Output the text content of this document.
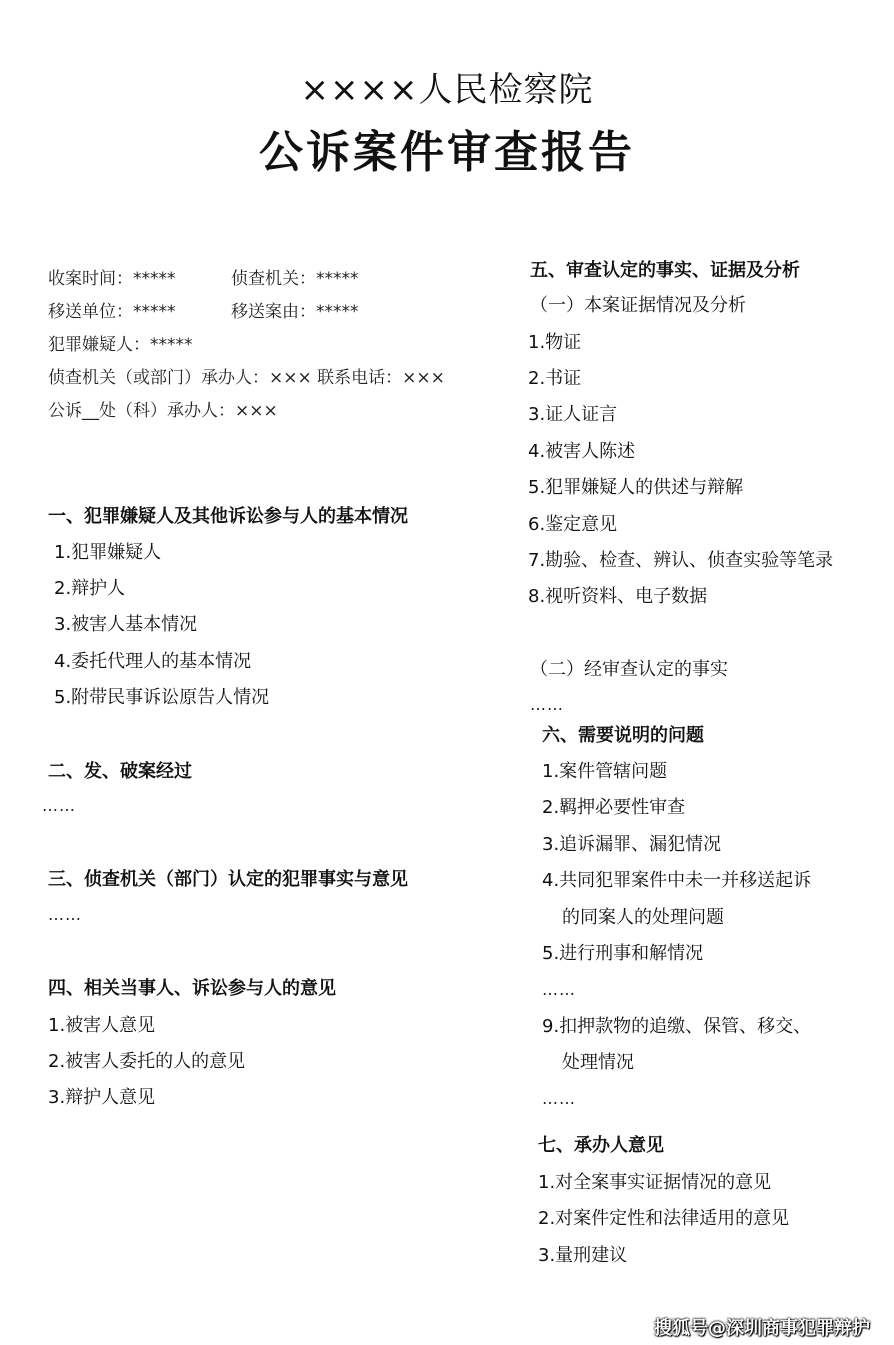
××××人民检察院
公诉案件审查报告
收案时间：*****	侦查机关：*****
移送单位：*****	移送案由：*****
犯罪嫌疑人：*****
侦查机关（或部门）承办人：××× 联系电话：×××
公诉__处（科）承办人：×××
一、犯罪嫌疑人及其他诉讼参与人的基本情况
1.犯罪嫌疑人
2.辩护人
3.被害人基本情况
4.委托代理人的基本情况
5.附带民事诉讼原告人情况
二、发、破案经过
……
三、侦查机关（部门）认定的犯罪事实与意见
……
四、相关当事人、诉讼参与人的意见
1.被害人意见
2.被害人委托的人的意见
3.辩护人意见
五、审查认定的事实、证据及分析
（一）本案证据情况及分析
1.物证
2.书证
3.证人证言
4.被害人陈述
5.犯罪嫌疑人的供述与辩解
6.鉴定意见
7.勘验、检查、辨认、侦查实验等笔录
8.视听资料、电子数据
（二）经审查认定的事实
……
六、需要说明的问题
1.案件管辖问题
2.羁押必要性审查
3.追诉漏罪、漏犯情况
4.共同犯罪案件中未一并移送起诉
的同案人的处理问题
5.进行刑事和解情况
……
9.扣押款物的追缴、保管、移交、
处理情况
……
七、承办人意见
1.对全案事实证据情况的意见
2.对案件定性和法律适用的意见
3.量刑建议
搜狐号@深圳商事犯罪辩护
